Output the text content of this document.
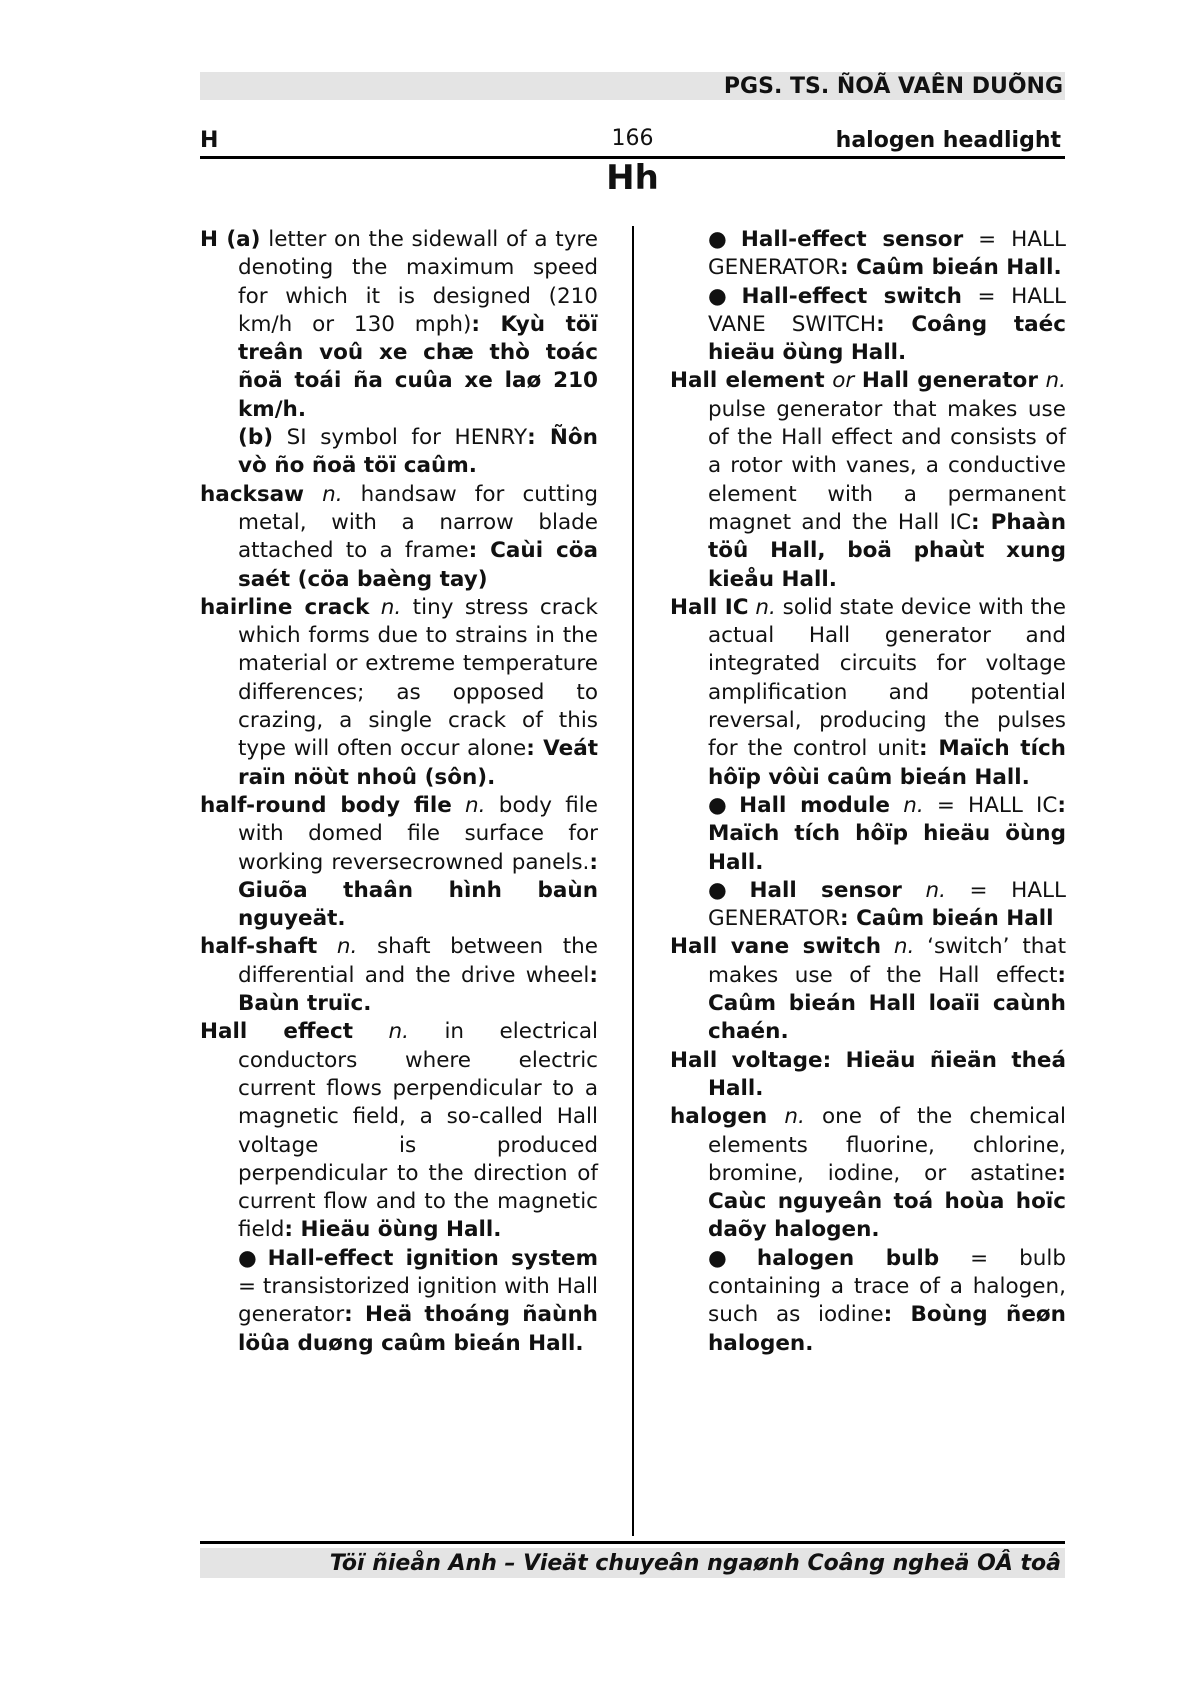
PGS. TS. ÑOÃ VAÊN DUÕNG
H	166	halogen headlight
Hh

H (a) letter on the sidewall of a tyre denoting the maximum speed for which it is designed (210 km/h or 130 mph): Kyù töï treân voû xe chæ thò toác ñoä toái ña cuûa xe laø 210 km/h.

(b) SI symbol for HENRY: Ñôn vò ño ñoä töï caûm.

hacksaw n. handsaw for cutting metal, with a narrow blade attached to a frame: Caùi cöa saét (cöa baèng tay)

hairline crack n. tiny stress crack which forms due to strains in the material or extreme temperature differences; as opposed to crazing, a single crack of this type will often occur alone: Veát raïn nöùt nhoû (sôn).

half-round body file n. body file with domed file surface for working reversecrowned panels.: Giuõa thaân hình baùn nguyeät.

half-shaft n. shaft between the differential and the drive wheel: Baùn truïc.

Hall effect n. in electrical conductors where electric current flows perpendicular to a magnetic field, a so-called Hall voltage is produced perpendicular to the direction of current flow and to the magnetic field: Hieäu öùng Hall.

● Hall-effect ignition system = transistorized ignition with Hall generator: Heä thoáng ñaùnh löûa duøng caûm bieán Hall.

● Hall-effect sensor = HALL GENERATOR: Caûm bieán Hall.

● Hall-effect switch = HALL VANE SWITCH: Coâng taéc hieäu öùng Hall.

Hall element or Hall generator n. pulse generator that makes use of the Hall effect and consists of a rotor with vanes, a conductive element with a permanent magnet and the Hall IC: Phaàn töû Hall, boä phaùt xung kieåu Hall.

Hall IC n. solid state device with the actual Hall generator and integrated circuits for voltage amplification and potential reversal, producing the pulses for the control unit: Maïch tích hôïp vôùi caûm bieán Hall.

● Hall module n. = HALL IC: Maïch tích hôïp hieäu öùng Hall.

● Hall sensor n. = HALL GENERATOR: Caûm bieán Hall

Hall vane switch n. ‘switch’ that makes use of the Hall effect: Caûm bieán Hall loaïi caùnh chaén.

Hall voltage: Hieäu ñieän theá Hall.

halogen n. one of the chemical elements fluorine, chlorine, bromine, iodine, or astatine: Caùc nguyeân toá hoùa hoïc daõy halogen.

● halogen bulb = bulb containing a trace of a halogen, such as iodine: Boùng ñeøn halogen.

Töï ñieån Anh – Vieät chuyeân ngaønh Coâng ngheä OÂ toâ
